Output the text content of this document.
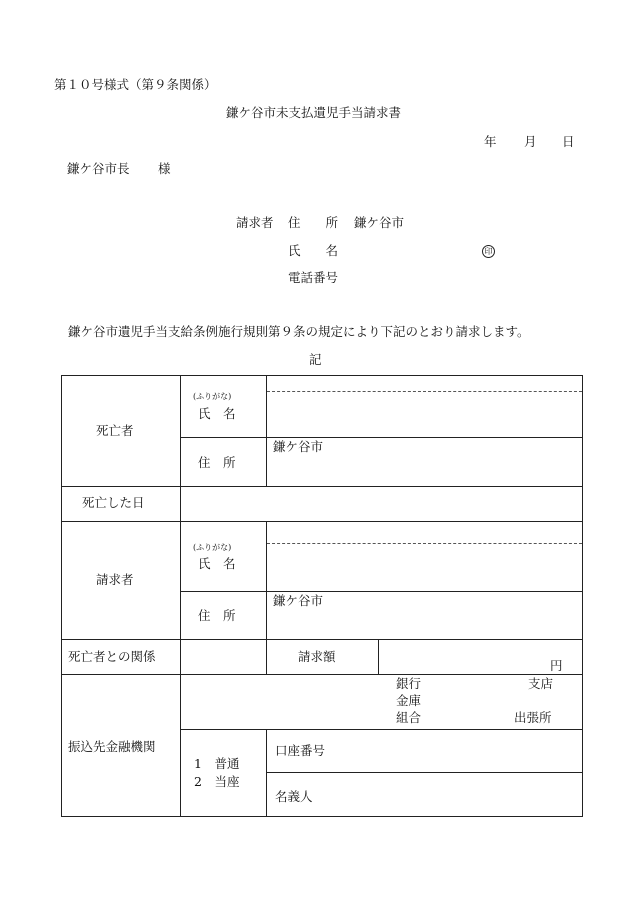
第１０号様式（第９条関係）
鎌ケ谷市未支払遺児手当請求書
年 月 日
鎌ケ谷市長 様
請求者 住　　所 鎌ケ谷市
氏　　名	印
電話番号
鎌ケ谷市遺児手当支給条例施行規則第９条の規定により下記のとおり請求します。
記
死亡者
(ふりがな)
氏　名
住　所
鎌ケ谷市
死亡した日
請求者
(ふりがな)
氏　名
住　所
鎌ケ谷市
死亡者との関係	請求額
円
振込先金融機関
銀行
金庫
組合
支店
出張所
1　普通
2　当座
口座番号
名義人
